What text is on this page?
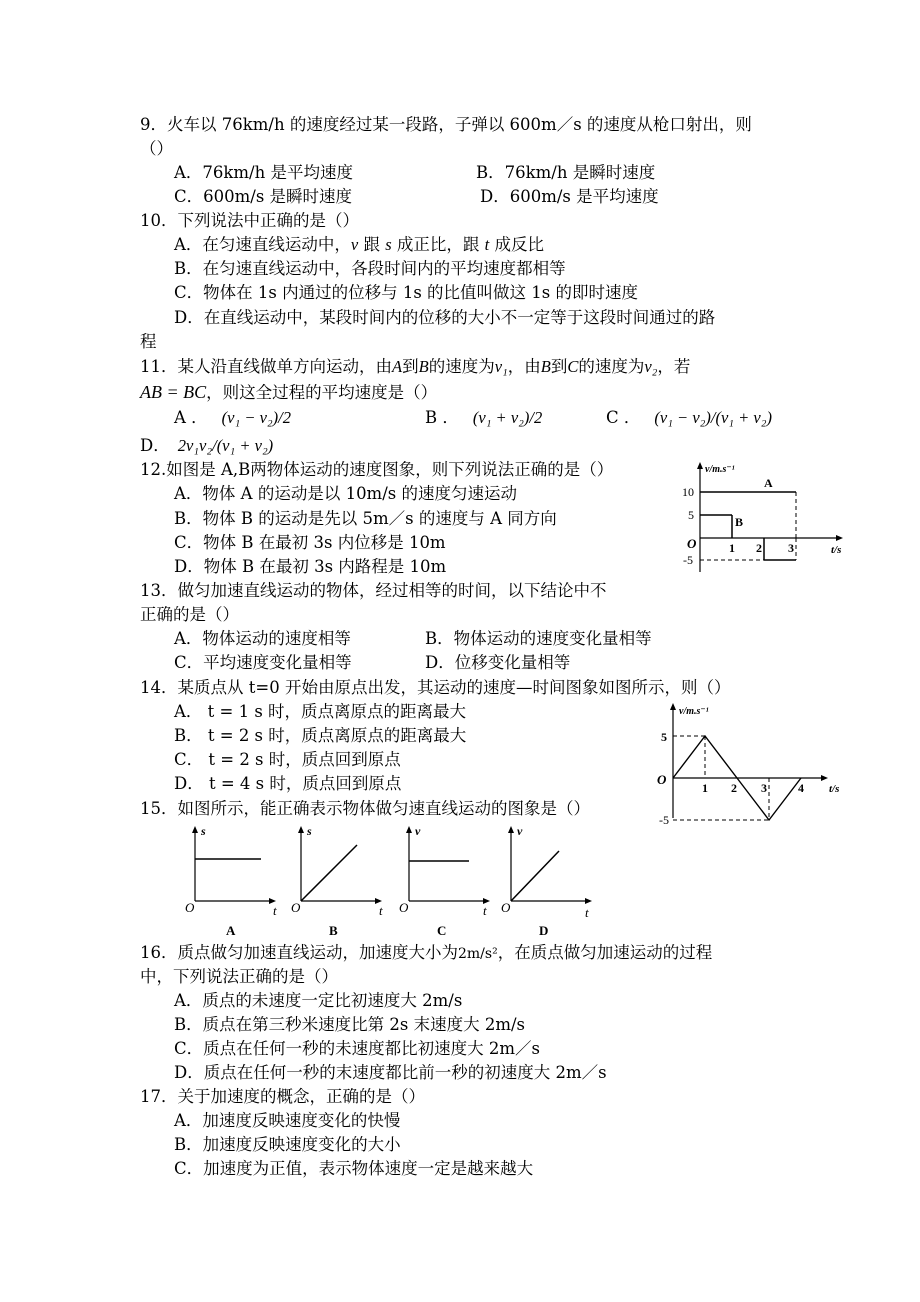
9．火车以 76km/h 的速度经过某一段路，子弹以 600m／s 的速度从枪口射出，则
（）
A．76km/h 是平均速度	B．76km/h 是瞬时速度
C．600m/s 是瞬时速度	D．600m/s 是平均速度
10．下列说法中正确的是（）
A．在匀速直线运动中，v 跟 s 成正比，跟 t 成反比
B．在匀速直线运动中，各段时间内的平均速度都相等
C．物体在 1s 内通过的位移与 1s 的比值叫做这 1s 的即时速度
D．在直线运动中，某段时间内的位移的大小不一定等于这段时间通过的路
程
11．某人沿直线做单方向运动，由A到B的速度为v₁，由B到C的速度为v₂，若
AB = BC，则这全过程的平均速度是（）
A ． (v₁ − v₂)/2	B ． (v₁ + v₂)/2	C ． (v₁ − v₂)/(v₁ + v₂)
D． 2v₁v₂/(v₁ + v₂)
12.如图是 A,B两物体运动的速度图象，则下列说法正确的是（）
A．物体 A 的运动是以 10m/s 的速度匀速运动
B．物体 B 的运动是先以 5m／s 的速度与 A 同方向
C．物体 B 在最初 3s 内位移是 10m
D．物体 B 在最初 3s 内路程是 10m
v/m.s⁻¹
t/s
O
10
5
-5
1 2 3
A
B
13．做匀加速直线运动的物体，经过相等的时间，以下结论中不
正确的是（）
A．物体运动的速度相等	B．物体运动的速度变化量相等
C．平均速度变化量相等	D．位移变化量相等
14．某质点从 t=0 开始由原点出发，其运动的速度—时间图象如图所示，则（）
A． t = 1 s 时，质点离原点的距离最大
B． t = 2 s 时，质点离原点的距离最大
C． t = 2 s 时，质点回到原点
D． t = 4 s 时，质点回到原点
v/m.s⁻¹
t/s
O
5
-5
1 2 3	4
15．如图所示，能正确表示物体做匀速直线运动的图象是（）
s
O	t
A
s
O	t
B
v
O	t
C
v
O	t
D
16．质点做匀加速直线运动，加速度大小为2m/s²，在质点做匀加速运动的过程
中，下列说法正确的是（）
A．质点的未速度一定比初速度大 2m/s
B．质点在第三秒米速度比第 2s 末速度大 2m/s
C．质点在任何一秒的未速度都比初速度大 2m／s
D．质点在任何一秒的末速度都比前一秒的初速度大 2m／s
17．关于加速度的概念，正确的是（）
A．加速度反映速度变化的快慢
B．加速度反映速度变化的大小
C．加速度为正值，表示物体速度一定是越来越大
